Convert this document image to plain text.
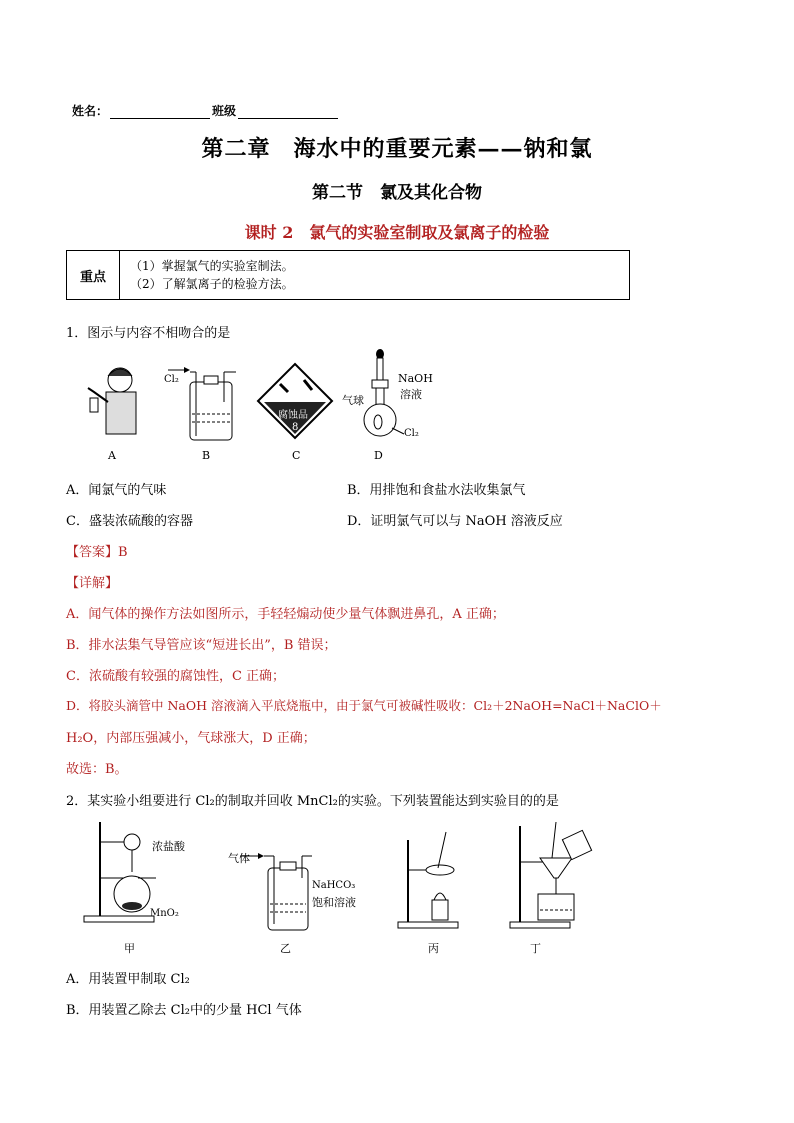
姓名：	班级
第二章　海水中的重要元素——钠和氯
第二节　氯及其化合物
课时 2　氯气的实验室制取及氯离子的检验
重点	
（1）掌握氯气的实验室制法。
（2）了解氯离子的检验方法。
1．图示与内容不相吻合的是
A
Cl₂
B
腐蚀品
8
C
NaOH
溶液
气球
Cl₂
D
A．闻氯气的气味	B．用排饱和食盐水法收集氯气
C．盛装浓硫酸的容器	D．证明氯气可以与 NaOH 溶液反应
【答案】B
【详解】
A．闻气体的操作方法如图所示，手轻轻煽动使少量气体飘进鼻孔，A 正确；
B．排水法集气导管应该“短进长出”，B 错误；
C．浓硫酸有较强的腐蚀性，C 正确；
D．将胶头滴管中 NaOH 溶液滴入平底烧瓶中，由于氯气可被碱性吸收：Cl₂＋2NaOH=NaCl＋NaClO＋
H₂O，内部压强减小，气球涨大，D 正确；
故选：B。
2．某实验小组要进行 Cl₂的制取并回收 MnCl₂的实验。下列装置能达到实验目的的是
浓盐酸
MnO₂
甲
气体
NaHCO₃
饱和溶液
乙	丙	丁
A．用装置甲制取 Cl₂
B．用装置乙除去 Cl₂中的少量 HCl 气体
